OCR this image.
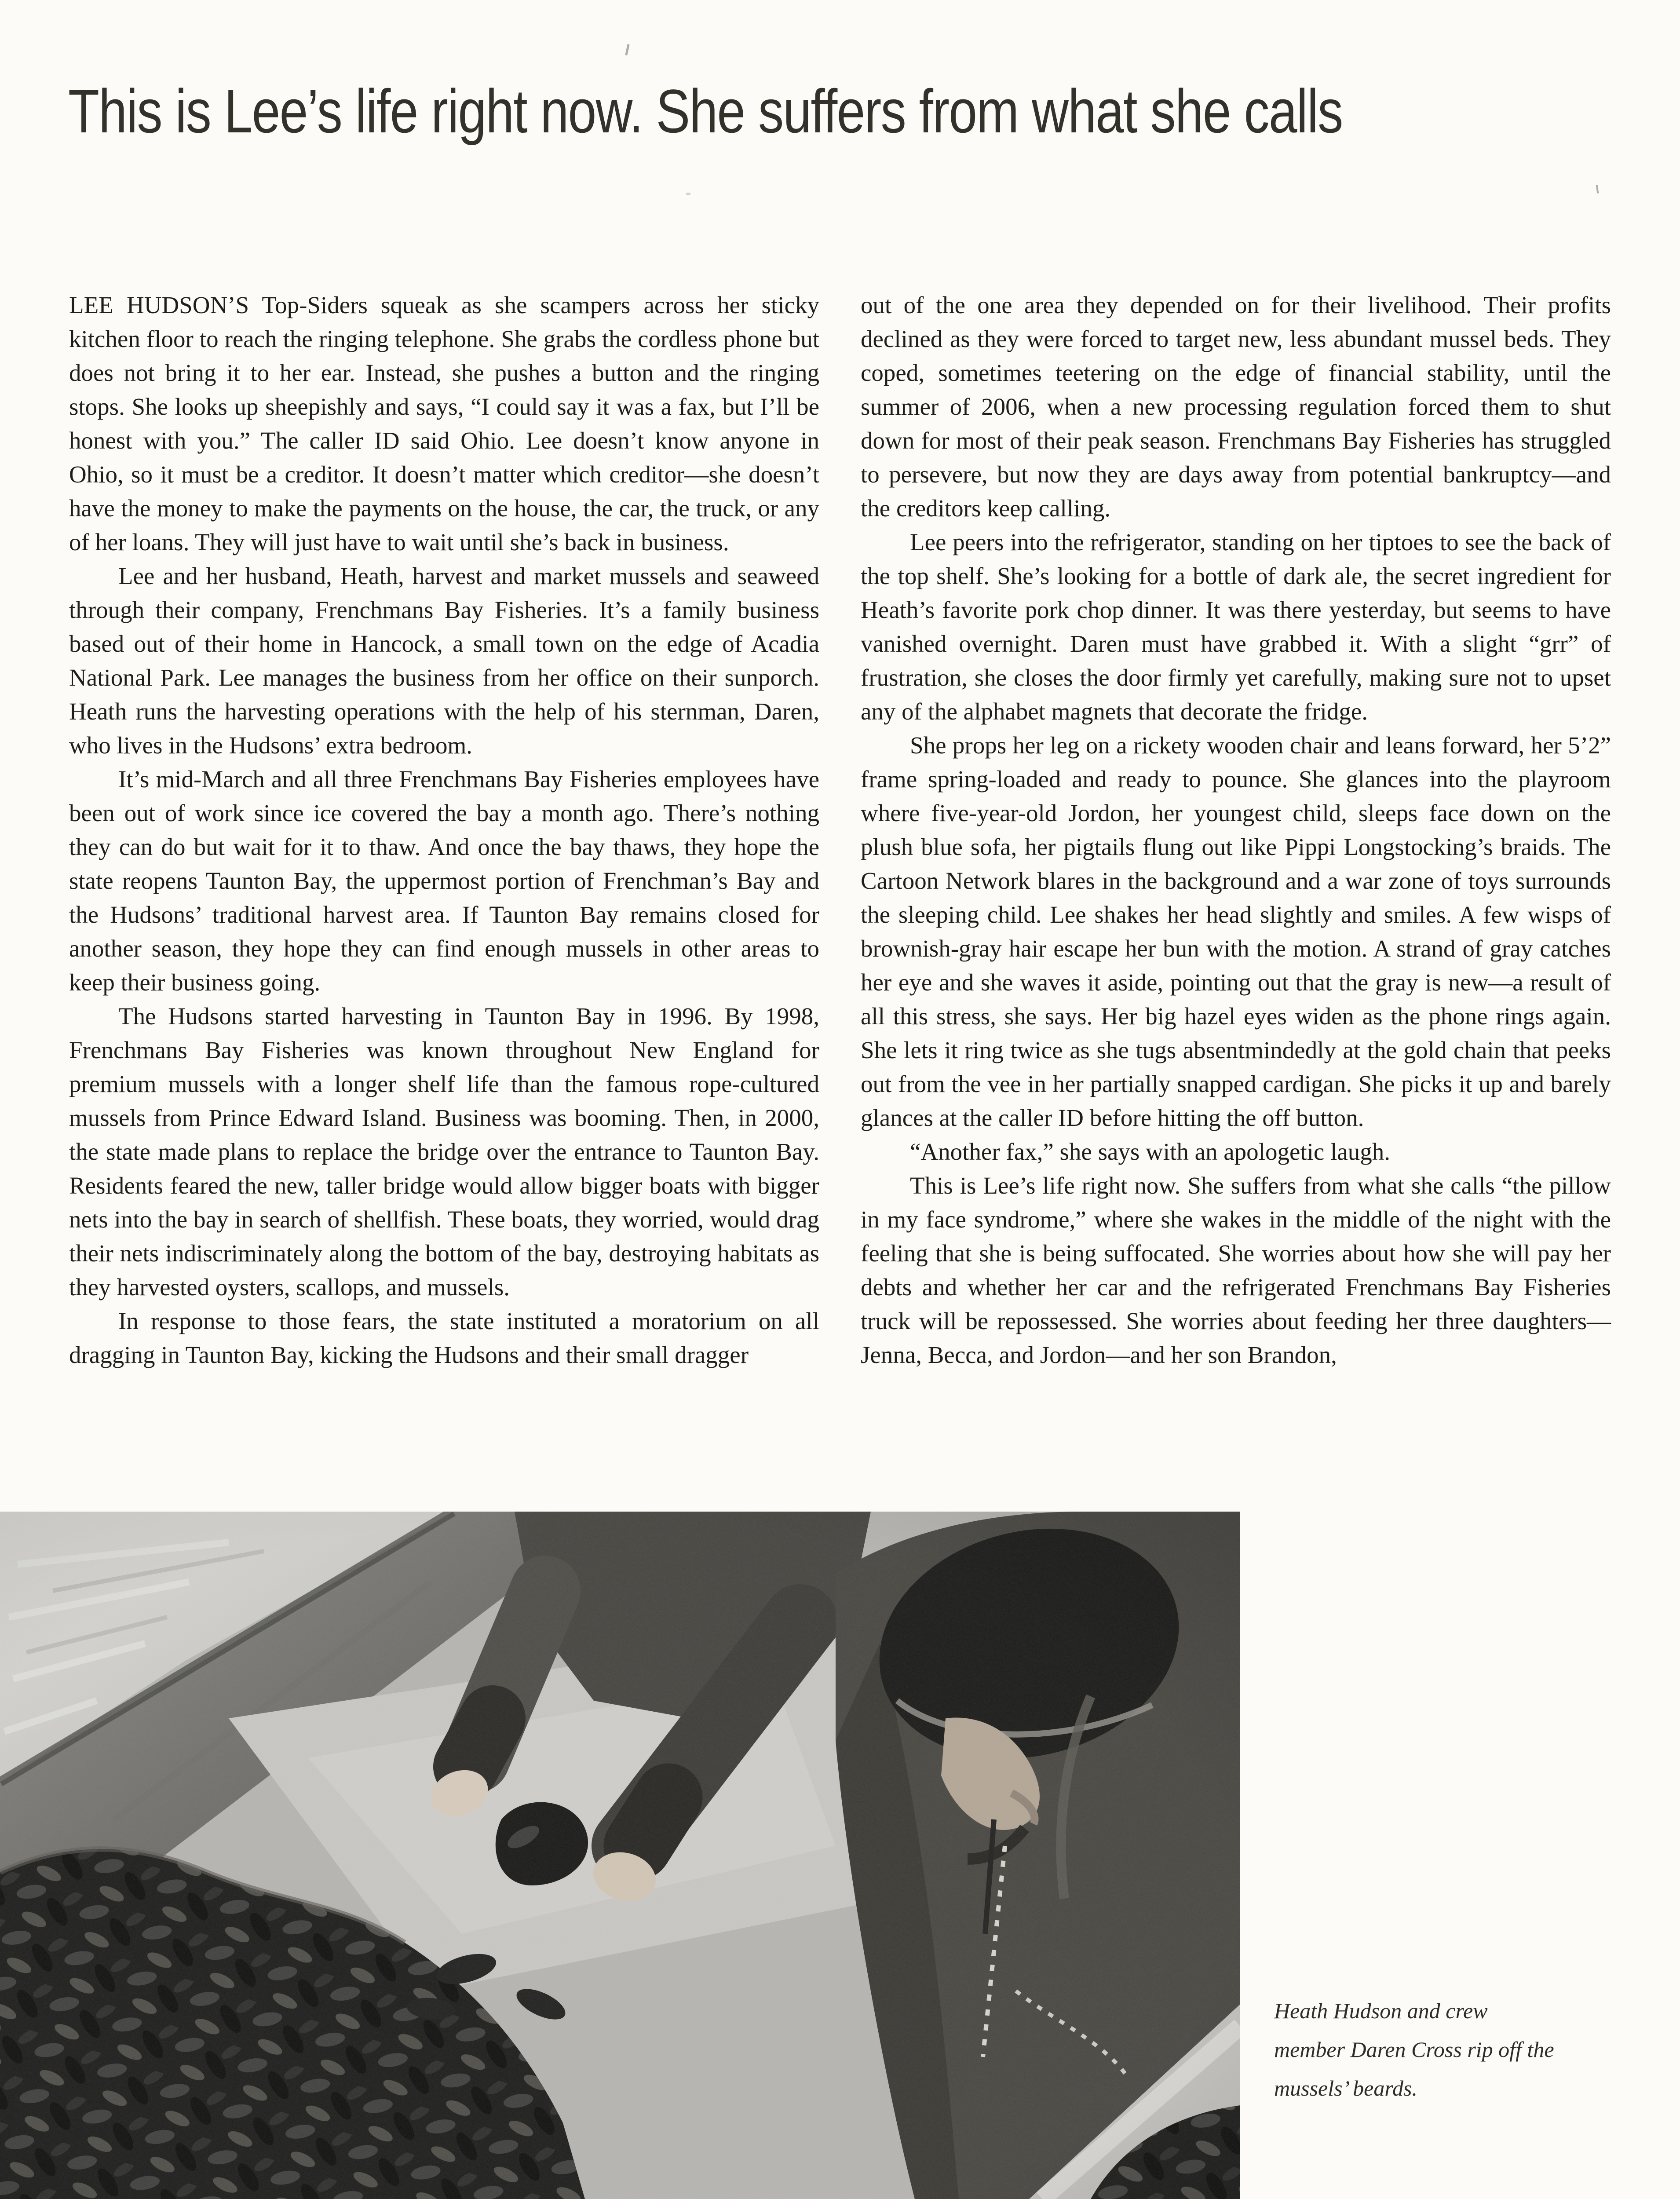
This is Lee’s life right now. She suffers from what she calls

LEE HUDSON’S Top-Siders squeak as she scampers across her sticky kitchen floor to reach the ringing telephone. She grabs the cordless phone but does not bring it to her ear. Instead, she pushes a button and the ringing stops. She looks up sheepishly and says, “I could say it was a fax, but I’ll be honest with you.” The caller ID said Ohio. Lee doesn’t know anyone in Ohio, so it must be a creditor. It doesn’t matter which creditor—she doesn’t have the money to make the payments on the house, the car, the truck, or any of her loans. They will just have to wait until she’s back in business.

Lee and her husband, Heath, harvest and market mussels and seaweed through their company, Frenchmans Bay Fisheries. It’s a family business based out of their home in Hancock, a small town on the edge of Acadia National Park. Lee manages the business from her office on their sunporch. Heath runs the harvesting operations with the help of his sternman, Daren, who lives in the Hudsons’ extra bedroom.

It’s mid-March and all three Frenchmans Bay Fisheries employees have been out of work since ice covered the bay a month ago. There’s nothing they can do but wait for it to thaw. And once the bay thaws, they hope the state reopens Taunton Bay, the uppermost portion of Frenchman’s Bay and the Hudsons’ traditional harvest area. If Taunton Bay remains closed for another season, they hope they can find enough mussels in other areas to keep their business going.

The Hudsons started harvesting in Taunton Bay in 1996. By 1998, Frenchmans Bay Fisheries was known throughout New England for premium mussels with a longer shelf life than the famous rope-cultured mussels from Prince Edward Island. Business was booming. Then, in 2000, the state made plans to replace the bridge over the entrance to Taunton Bay. Residents feared the new, taller bridge would allow bigger boats with bigger nets into the bay in search of shellfish. These boats, they worried, would drag their nets indiscriminately along the bottom of the bay, destroying habitats as they harvested oysters, scallops, and mussels.

In response to those fears, the state instituted a moratorium on all dragging in Taunton Bay, kicking the Hudsons and their small dragger

out of the one area they depended on for their livelihood. Their profits declined as they were forced to target new, less abundant mussel beds. They coped, sometimes teetering on the edge of financial stability, until the summer of 2006, when a new processing regulation forced them to shut down for most of their peak season. Frenchmans Bay Fisheries has struggled to persevere, but now they are days away from potential bankruptcy—and the creditors keep calling.

Lee peers into the refrigerator, standing on her tiptoes to see the back of the top shelf. She’s looking for a bottle of dark ale, the secret ingredient for Heath’s favorite pork chop dinner. It was there yesterday, but seems to have vanished overnight. Daren must have grabbed it. With a slight “grr” of frustration, she closes the door firmly yet carefully, making sure not to upset any of the alphabet magnets that decorate the fridge.

She props her leg on a rickety wooden chair and leans forward, her 5’2” frame spring-loaded and ready to pounce. She glances into the playroom where five-year-old Jordon, her youngest child, sleeps face down on the plush blue sofa, her pigtails flung out like Pippi Longstocking’s braids. The Cartoon Network blares in the background and a war zone of toys surrounds the sleeping child. Lee shakes her head slightly and smiles. A few wisps of brownish-gray hair escape her bun with the motion. A strand of gray catches her eye and she waves it aside, pointing out that the gray is new—a result of all this stress, she says. Her big hazel eyes widen as the phone rings again. She lets it ring twice as she tugs absentmindedly at the gold chain that peeks out from the vee in her partially snapped cardigan. She picks it up and barely glances at the caller ID before hitting the off button.

“Another fax,” she says with an apologetic laugh.

This is Lee’s life right now. She suffers from what she calls “the pillow in my face syndrome,” where she wakes in the middle of the night with the feeling that she is being suffocated. She worries about how she will pay her debts and whether her car and the refrigerated Frenchmans Bay Fisheries truck will be repossessed. She worries about feeding her three daughters—Jenna, Becca, and Jordon—and her son Brandon,

Heath Hudson and crew
member Daren Cross rip off the
mussels’ beards.
